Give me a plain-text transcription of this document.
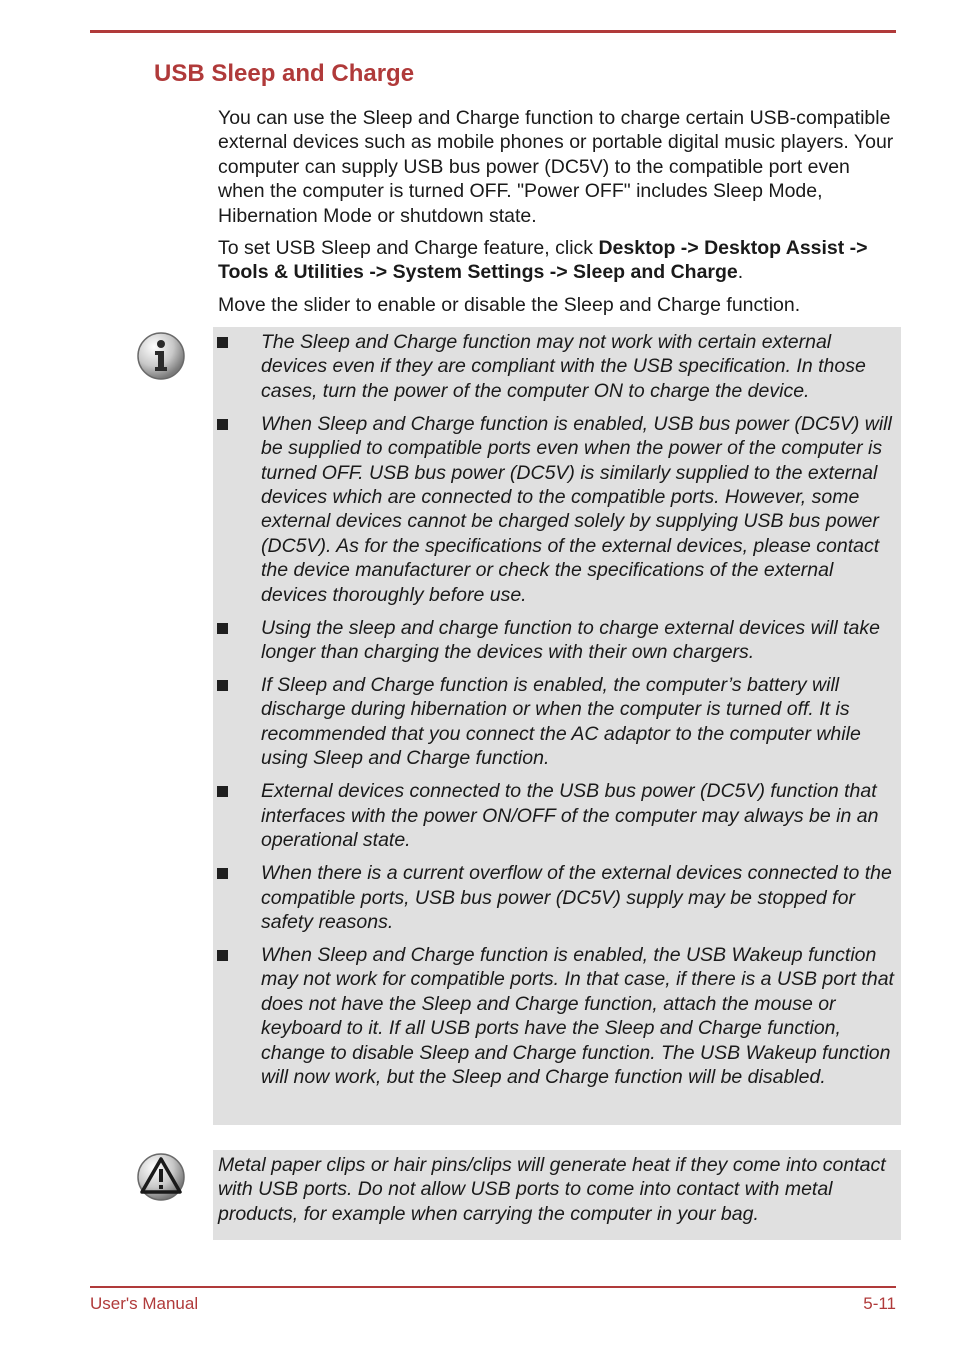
USB Sleep and Charge

You can use the Sleep and Charge function to charge certain USB-compatible external devices such as mobile phones or portable digital music players. Your computer can supply USB bus power (DC5V) to the compatible port even when the computer is turned OFF. "Power OFF" includes Sleep Mode, Hibernation Mode or shutdown state.

To set USB Sleep and Charge feature, click Desktop -> Desktop Assist -> Tools & Utilities -> System Settings -> Sleep and Charge.

Move the slider to enable or disable the Sleep and Charge function.

The Sleep and Charge function may not work with certain external devices even if they are compliant with the USB specification. In those cases, turn the power of the computer ON to charge the device.
When Sleep and Charge function is enabled, USB bus power (DC5V) will be supplied to compatible ports even when the power of the computer is turned OFF. USB bus power (DC5V) is similarly supplied to the external devices which are connected to the compatible ports. However, some external devices cannot be charged solely by supplying USB bus power (DC5V). As for the specifications of the external devices, please contact the device manufacturer or check the specifications of the external devices thoroughly before use.
Using the sleep and charge function to charge external devices will take longer than charging the devices with their own chargers.
If Sleep and Charge function is enabled, the computer’s battery will discharge during hibernation or when the computer is turned off. It is recommended that you connect the AC adaptor to the computer while using Sleep and Charge function.
External devices connected to the USB bus power (DC5V) function that interfaces with the power ON/OFF of the computer may always be in an operational state.
When there is a current overflow of the external devices connected to the compatible ports, USB bus power (DC5V) supply may be stopped for safety reasons.
When Sleep and Charge function is enabled, the USB Wakeup function may not work for compatible ports. In that case, if there is a USB port that does not have the Sleep and Charge function, attach the mouse or keyboard to it. If all USB ports have the Sleep and Charge function, change to disable Sleep and Charge function. The USB Wakeup function will now work, but the Sleep and Charge function will be disabled.

Metal paper clips or hair pins/clips will generate heat if they come into contact with USB ports. Do not allow USB ports to come into contact with metal products, for example when carrying the computer in your bag.

User's Manual	5-11
